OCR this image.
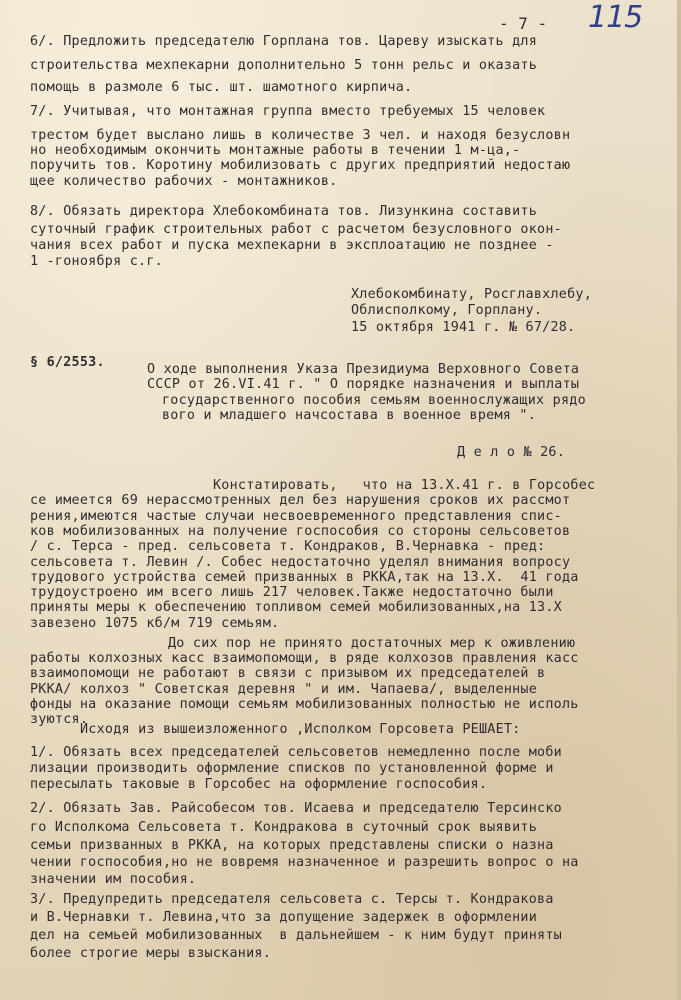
- 7 - 115
6/. Предложить председателю Горплана тов. Цареву изыскать для
строительства мехпекарни дополнительно 5 тонн рельс и оказать
помощь в размоле 6 тыс. шт. шамотного кирпича.
7/. Учитывая, что монтажная группа вместо требуемых 15 человек
трестом будет выслано лишь в количестве 3 чел. и находя безусловн
но необходимым окончить монтажные работы в течении 1 м-ца,-
поручить тов. Коротину мобилизовать с других предприятий недостаю
щее количество рабочих - монтажников.
8/. Обязать директора Хлебокомбината тов. Лизункина составить
суточный график строительных работ с расчетом безусловного окон-
чания всех работ и пуска мехпекарни в эксплоатацию не позднее -
1 -гоноября с.г.
Хлебокомбинату, Росглавхлебу,
Облисполкому, Горплану.
15 октября 1941 г. № 67/28.
§ 6/2553.	О ходе выполнения Указа Президиума Верховного Совета
СССР от 26.VI.41 г. " О порядке назначения и выплаты
государственного пособия семьям военнослужащих рядо
вого и младшего начсостава в военное время ".
Д е л о № 26.
Констатировать,   что на 13.Х.41 г. в Горсобес
се имеется 69 нерассмотренных дел без нарушения сроков их рассмот
рения,имеются частые случаи несвоевременного представления спис-
ков мобилизованных на получение госпособия со стороны сельсоветов
/ с. Терса - пред. сельсовета т. Кондраков, В.Чернавка - пред:
сельсовета т. Левин /. Собес недостаточно уделял внимания вопросу
трудового устройства семей призванных в РККА,так на 13.Х.  41 года
трудоустроено им всего лишь 217 человек.Также недостаточно были
приняты меры к обеспечению топливом семей мобилизованных,на 13.Х
завезено 1075 кб/м 719 семьям.
До сих пор не принято достаточных мер к оживлению
работы колхозных касс взаимопомощи, в ряде колхозов правления касс
взаимопомощи не работают в связи с призывом их председателей в
РККА/ колхоз " Советская деревня " и им. Чапаева/, выделенные
фонды на оказание помощи семьям мобилизованных полностью не исполь
зуются.
Исходя из вышеизложенного ,Исполком Горсовета РЕШАЕТ:
1/. Обязать всех председателей сельсоветов немедленно после моби
лизации производить оформление списков по установленной форме и
пересылать таковые в Горсобес на оформление госпособия.
2/. Обязать Зав. Райсобесом тов. Исаева и председателю Терсинско
го Исполкома Сельсовета т. Кондракова в суточный срок выявить
семьи призванных в РККА, на которых представлены списки о назна
чении госпособия,но не вовремя назначенное и разрешить вопрос о на
значении им пособия.
3/. Предупредить председателя сельсовета с. Терсы т. Кондракова
и В.Чернавки т. Левина,что за допущение задержек в оформлении
дел на семьей мобилизованных  в дальнейшем - к ним будут приняты
более строгие меры взыскания.
